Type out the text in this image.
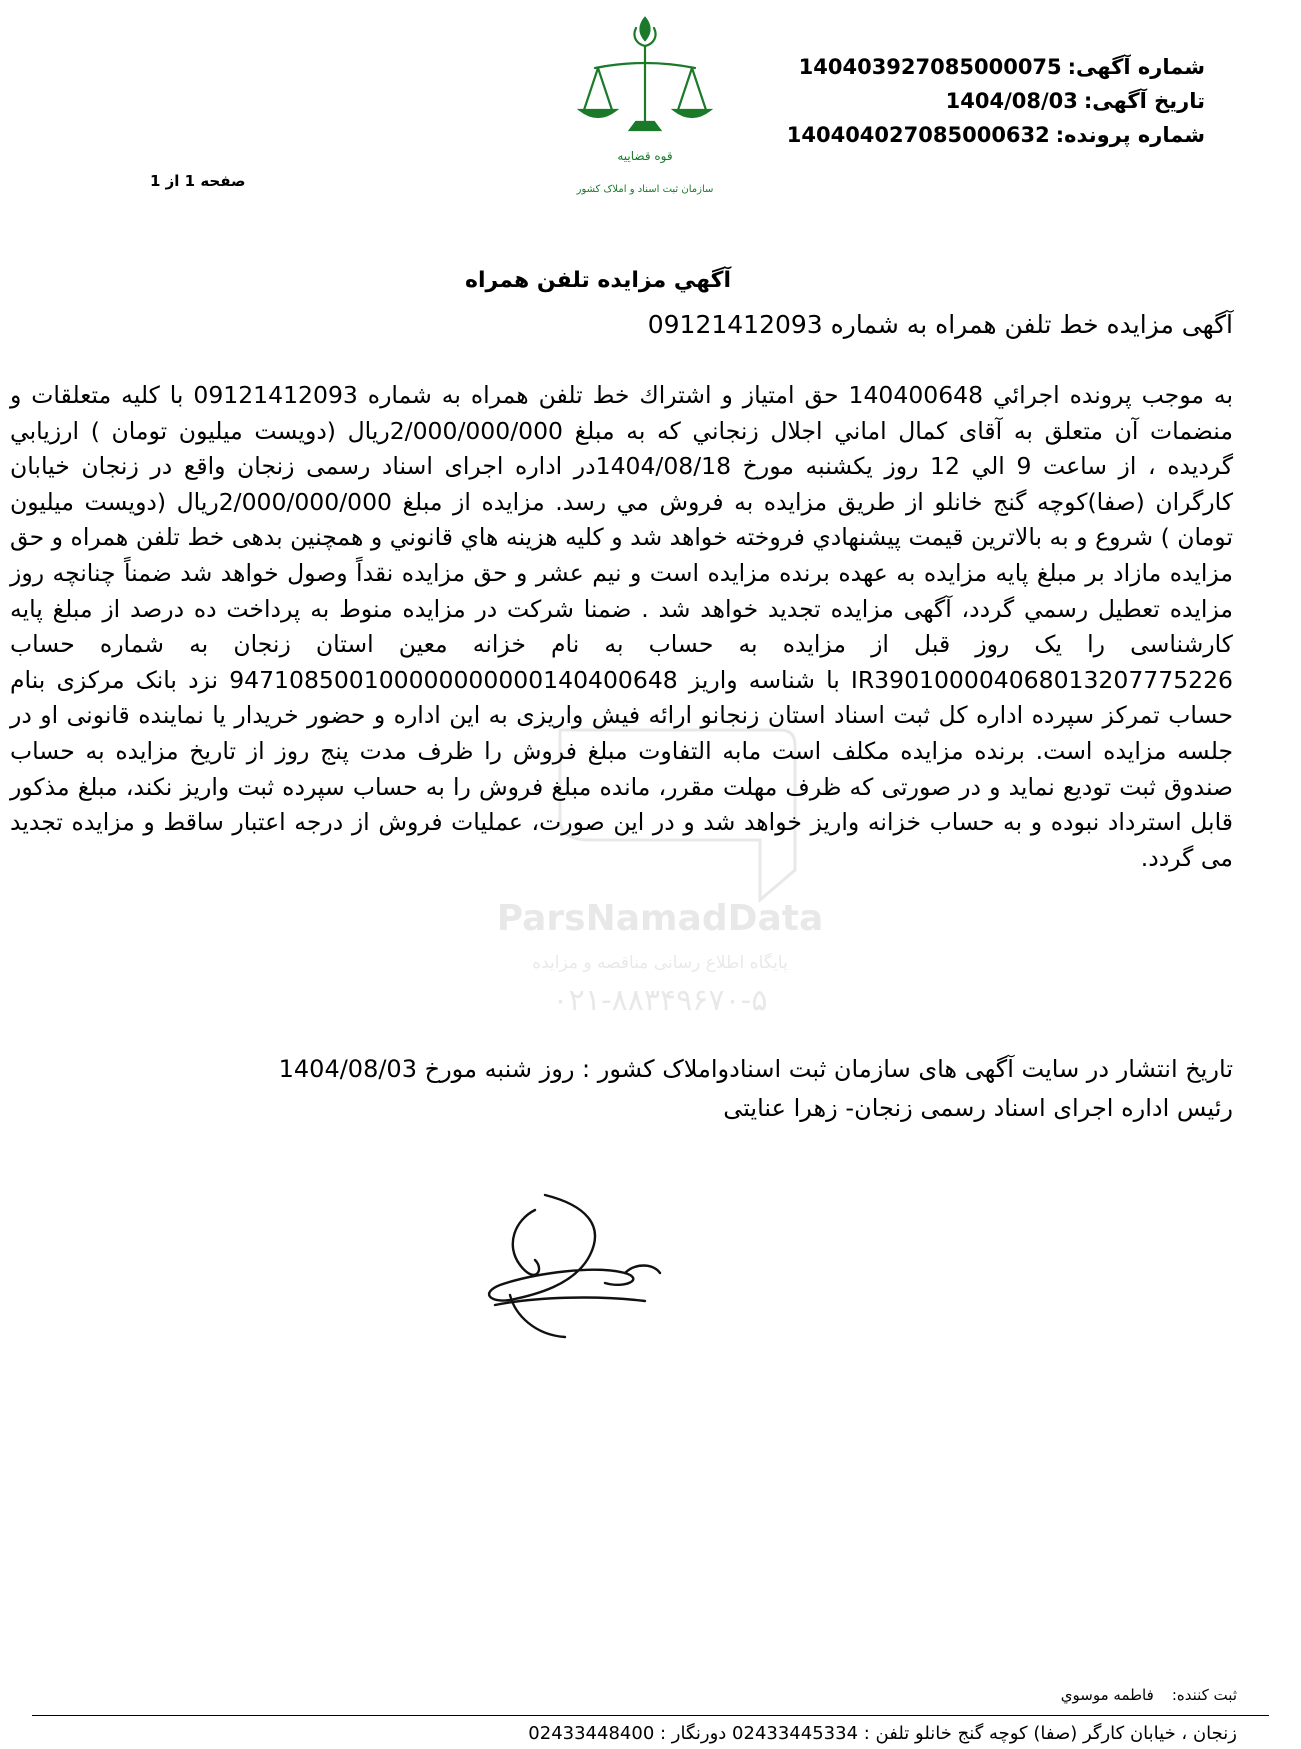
شماره آگهی:140403927085000075
تاریخ آگهی:1404/08/03
شماره پرونده:140404027085000632
صفحه 1 از 1
قوه قضاییه
سازمان ثبت اسناد و املاک کشور
ParsNamadData
پایگاه اطلاع رسانی مناقصه و مزایده
۰۲۱-۸۸۳۴۹۶۷۰-۵
آگهي مزايده تلفن همراه
آگهی مزایده خط تلفن همراه به شماره 09121412093
به موجب پرونده اجرائي 140400648 حق امتياز و اشتراك خط تلفن همراه به شماره 09121412093 با کليه متعلقات و منضمات آن متعلق به آقای کمال اماني اجلال زنجاني که به مبلغ 2/000/000/000ريال (دويست ميليون تومان ) ارزيابي گرديده ، از ساعت 9 الي 12 روز يکشنبه مورخ 1404/08/18در اداره اجرای اسناد رسمی زنجان واقع در زنجان خیابان کارگران (صفا)کوچه گنج خانلو از طريق مزايده به فروش مي رسد. مزايده از مبلغ 2/000/000/000ريال (دويست ميليون تومان ) شروع و به بالاترين قيمت پيشنهادي فروخته خواهد شد و کليه هزينه هاي قانوني و همچنين بدهی خط تلفن همراه و حق مزايده مازاد بر مبلغ پايه مزايده به عهده برنده مزايده است و نيم عشر و حق مزايده نقداً وصول خواهد شد ضمناً چنانچه روز مزايده تعطيل رسمي گردد، آگهی مزايده تجديد خواهد شد . ضمنا شرکت در مزایده منوط به پرداخت ده درصد از مبلغ پایه کارشناسی را یک روز قبل از مزایده به حساب به نام خزانه معین استان زنجان به شماره حساب IR390100004068013207775226 با شناسه واریز 947108500100000000000140400648 نزد بانک مرکزی بنام حساب تمرکز سپرده اداره کل ثبت اسناد استان زنجانو ارائه فیش واریزی به این اداره و حضور خریدار یا نماینده قانونی او در جلسه مزایده است. برنده مزایده مکلف است مابه التفاوت مبلغ فروش را ظرف مدت پنج روز از تاریخ مزایده به حساب صندوق ثبت تودیع نماید و در صورتی که ظرف مهلت مقرر، مانده مبلغ فروش را به حساب سپرده ثبت واریز نکند، مبلغ مذکور قابل استرداد نبوده و به حساب خزانه واریز خواهد شد و در این صورت، عملیات فروش از درجه اعتبار ساقط و مزایده تجدید می گردد.
تاریخ انتشار در سایت آگهی های سازمان ثبت اسنادواملاک کشور : روز شنبه مورخ 1404/08/03
رئیس اداره اجرای اسناد رسمی زنجان- زهرا عنایتی
ثبت کننده:فاطمه موسوي
زنجان ، خیابان کارگر (صفا) کوچه گنج خانلو تلفن : 02433445334 دورنگار : 02433448400
